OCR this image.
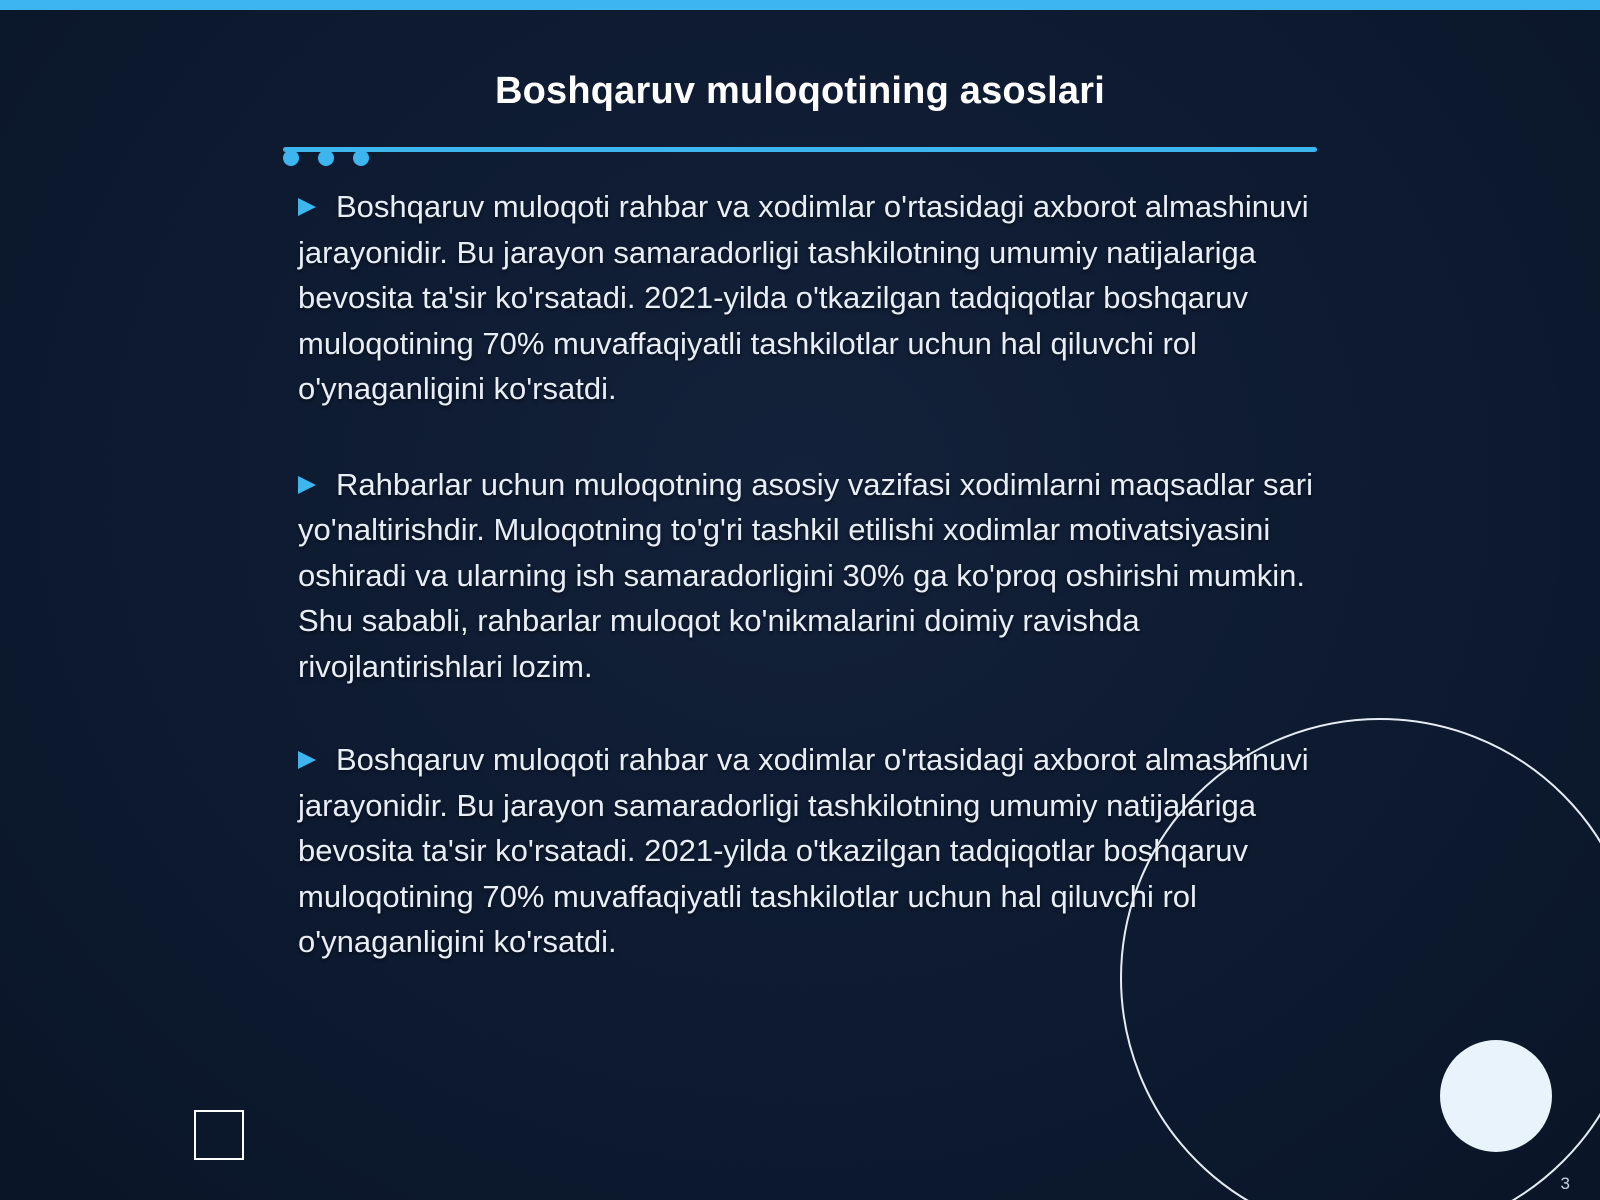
Boshqaruv muloqotining asoslari

Boshqaruv muloqoti rahbar va xodimlar o'rtasidagi axborot almashinuvi jarayonidir. Bu jarayon samaradorligi tashkilotning umumiy natijalariga bevosita ta'sir ko'rsatadi. 2021-yilda o'tkazilgan tadqiqotlar boshqaruv muloqotining 70% muvaffaqiyatli tashkilotlar uchun hal qiluvchi rol o'ynaganligini ko'rsatdi.

Rahbarlar uchun muloqotning asosiy vazifasi xodimlarni maqsadlar sari yo'naltirishdir. Muloqotning to'g'ri tashkil etilishi xodimlar motivatsiyasini oshiradi va ularning ish samaradorligini 30% ga ko'proq oshirishi mumkin. Shu sababli, rahbarlar muloqot ko'nikmalarini doimiy ravishda rivojlantirishlari lozim.

Boshqaruv muloqoti rahbar va xodimlar o'rtasidagi axborot almashinuvi jarayonidir. Bu jarayon samaradorligi tashkilotning umumiy natijalariga bevosita ta'sir ko'rsatadi. 2021-yilda o'tkazilgan tadqiqotlar boshqaruv muloqotining 70% muvaffaqiyatli tashkilotlar uchun hal qiluvchi rol o'ynaganligini ko'rsatdi.

3
